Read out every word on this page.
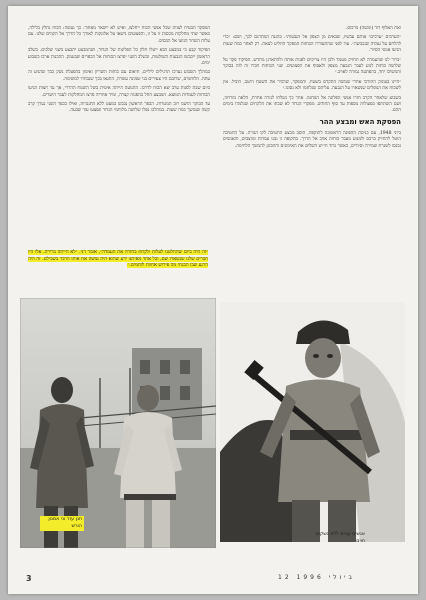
ואת האלוף דוד (ומשה) מרכוס.

״הערבים ״ערבים״ אותם עכשיו, שבאים מן הצפון אל הגבעות״. בהגנה המתרגם לכך, ושם: ״כדי להלחם על עמדה שנכבשה״. עוד לפני שהתעוררו הכוחות המפקד החליט לצאת. רק לאחר כמה שעות הגיעו אנשי הסיור.

״ברור לנו שהעמדה לא תחזיק מעמד ולכן היו צריכים לפנות אותה ולהתארגן מחדש. הפיקוד פקד על שלושה כוחות לנוע לעבר הגבעה מצפון ולאסוף את הפצועים. שני הכוחות חברו זה לזה בבוקר והמשיכו יחד, בהפתעה גמורה לאויב.״

״היינו בעומק התורכי אחרי שמשה התקדם בשטח, והמפקד, שהכיר את השטח היטב, הוביל. אין לשכוח את הנופלים שנשארו על הגבעה. עליהם שנלחמו ולא נסוגו.״

בשבוע שלאחר הקרב חזרו אנשי הפלוגה אל המחנה. אחר כך נשלחו לגזרה אחרת, הלאה מזרחה, ושם השתתפו בפעולות נוספות עד סוף החודש. מפקדי הגדוד לא שכחו את הלקחים שנלמדו בימים ההם.

הפסקת האש ומבצע ההר

ביוני 1948, עם כניסת ההפוגה הראשונה לתוקפה, הוסב מבצע החטיבה לקו הגזרה. על החטיבה הוטל להחזיק ברכס ולמנוע מעבר כוחות אויב אל הדרך. בתקופה זו נבנו עמדות ומוצבים, והאנשים נכנסו לשגרת שמירה וסיורים, כאשר גדוד חי״ש השלים את האימונים והתכונן להמשך הלחימה.

המפקד הבטיח לצוות שכל אנשי הכוח ייחלצו, ואיש לא יישאר מאחור. כך נעשה: הכוח נחלץ בלילה, כאשר שתי מחלקות מכסות זו על זו, והפצועים נישאו על אלונקות לאורך כל הדרך אל הקווים שלנו. עם עלות השחר הגיעו אל הבסיס.

הפיקוד קבע כי במבצע הבא ייטלו חלק כל הפלוגות של הגדוד, ושהמבצע יתבצע בשני שלבים. בשלב הראשון ייכבשו הגבעות השולטות, ובשלב השני יפרצו הכוחות אל הכפרים שבעמק. ההכנות ארכו כשבוע ימים.

במהלך השבוע נערכו תרגילים ליליים, תיאום עם כוחות השריון ואימון בהפעלת נשק כבד שהגיע זה עתה. הלוחמים, שרובם היו צעירים בני שמונה עשרה, התגאו בכך שנבחרו למשימה.

ביום שבת לפנות ערב יצא הכוח לדרכו. התנועה הייתה איטית בשל השטח ההררי, אך עד חצות הגיעו הכוחות לעמדות המוצא. המבצע החל בהפגזה קצרה, ומיד אחריה פרצו המחלקות לעבר היעדים.

עד הבוקר הושגו רוב המטרות. הכפר הראשון נכבש כמעט ללא התנגדות, ואילו בכפר השני נערך קרב קשה שנמשך כמה שעות. במהלכו נפלו שלושה מלוחמי הגדוד ונפצעו עוד שבעה.

״זה היה ביום שהחלטנו לעלות ולקחת בחזרה את העמדה״, אומר דני. ״לא הייתה ברירה. אלו היו חברים שלנו שנשארו שם, וכל אחד מאיתנו ידע שהוא היה עושה את אותו הדבר בשבילם. זה היה הרגע שבו הבנתי מה פירוש אחוות לוחמים.״
חנן עזר וני אמנון הורש
אנשים עניים ללא נשקים חוים
3	12 ביולי 1996
